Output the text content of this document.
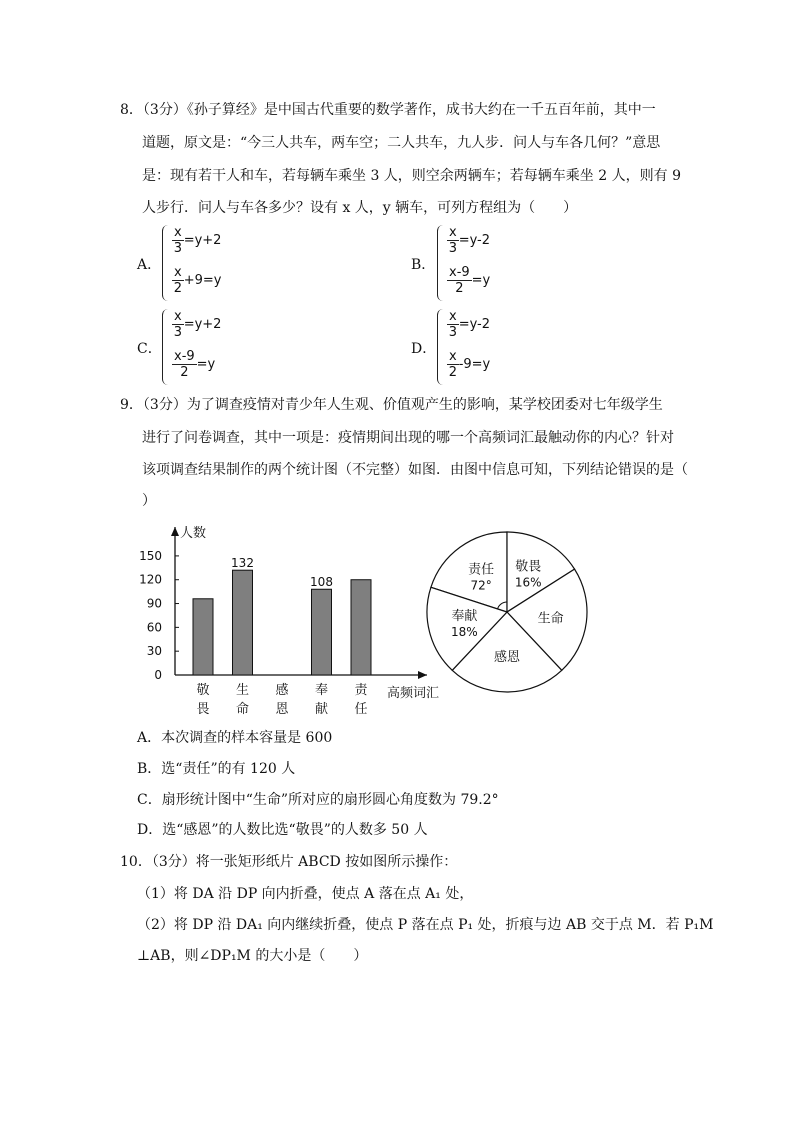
8．（3分）《孙子算经》是中国古代重要的数学著作，成书大约在一千五百年前，其中一
道题，原文是：“今三人共车，两车空；二人共车，九人步．问人与车各几何？”意思
是：现有若干人和车，若每辆车乘坐 3 人，则空余两辆车；若每辆车乘坐 2 人，则有 9
人步行．问人与车各多少？设有 x 人，y 辆车，可列方程组为（　　）
A．
$\frac{x}{3} =y+2$
$\frac{x}{2} +9=y$
B．
$\frac{x}{3} =y-2$
$\frac{x-9}{2} =y$
C．
$\frac{x}{3} =y+2$
$\frac{x-9}{2} =y$
D．
$\frac{x}{3} =y-2$
$\frac{x}{2} -9=y$
9．（3分）为了调查疫情对青少年人生观、价值观产生的影响，某学校团委对七年级学生
进行了问卷调查，其中一项是：疫情期间出现的哪一个高频词汇最触动你的内心？针对
该项调查结果制作的两个统计图（不完整）如图．由图中信息可知，下列结论错误的是（
）
人数
高频词汇
0
30
60
90
120
150
敬
畏
132
生
命
感
恩
108
奉
献
责
任
责任
72°
敬畏
16%
生命
感恩
奉献
18%
A．本次调查的样本容量是 600
B．选“责任”的有 120 人
C．扇形统计图中“生命”所对应的扇形圆心角度数为 79.2°
D．选“感恩”的人数比选“敬畏”的人数多 50 人
10．（3分）将一张矩形纸片 ABCD 按如图所示操作：
（1）将 DA 沿 DP 向内折叠，使点 A 落在点 A₁ 处，
（2）将 DP 沿 DA₁ 向内继续折叠，使点 P 落在点 P₁ 处，折痕与边 AB 交于点 M．若 P₁M
⊥AB，则∠DP₁M 的大小是（　　）
